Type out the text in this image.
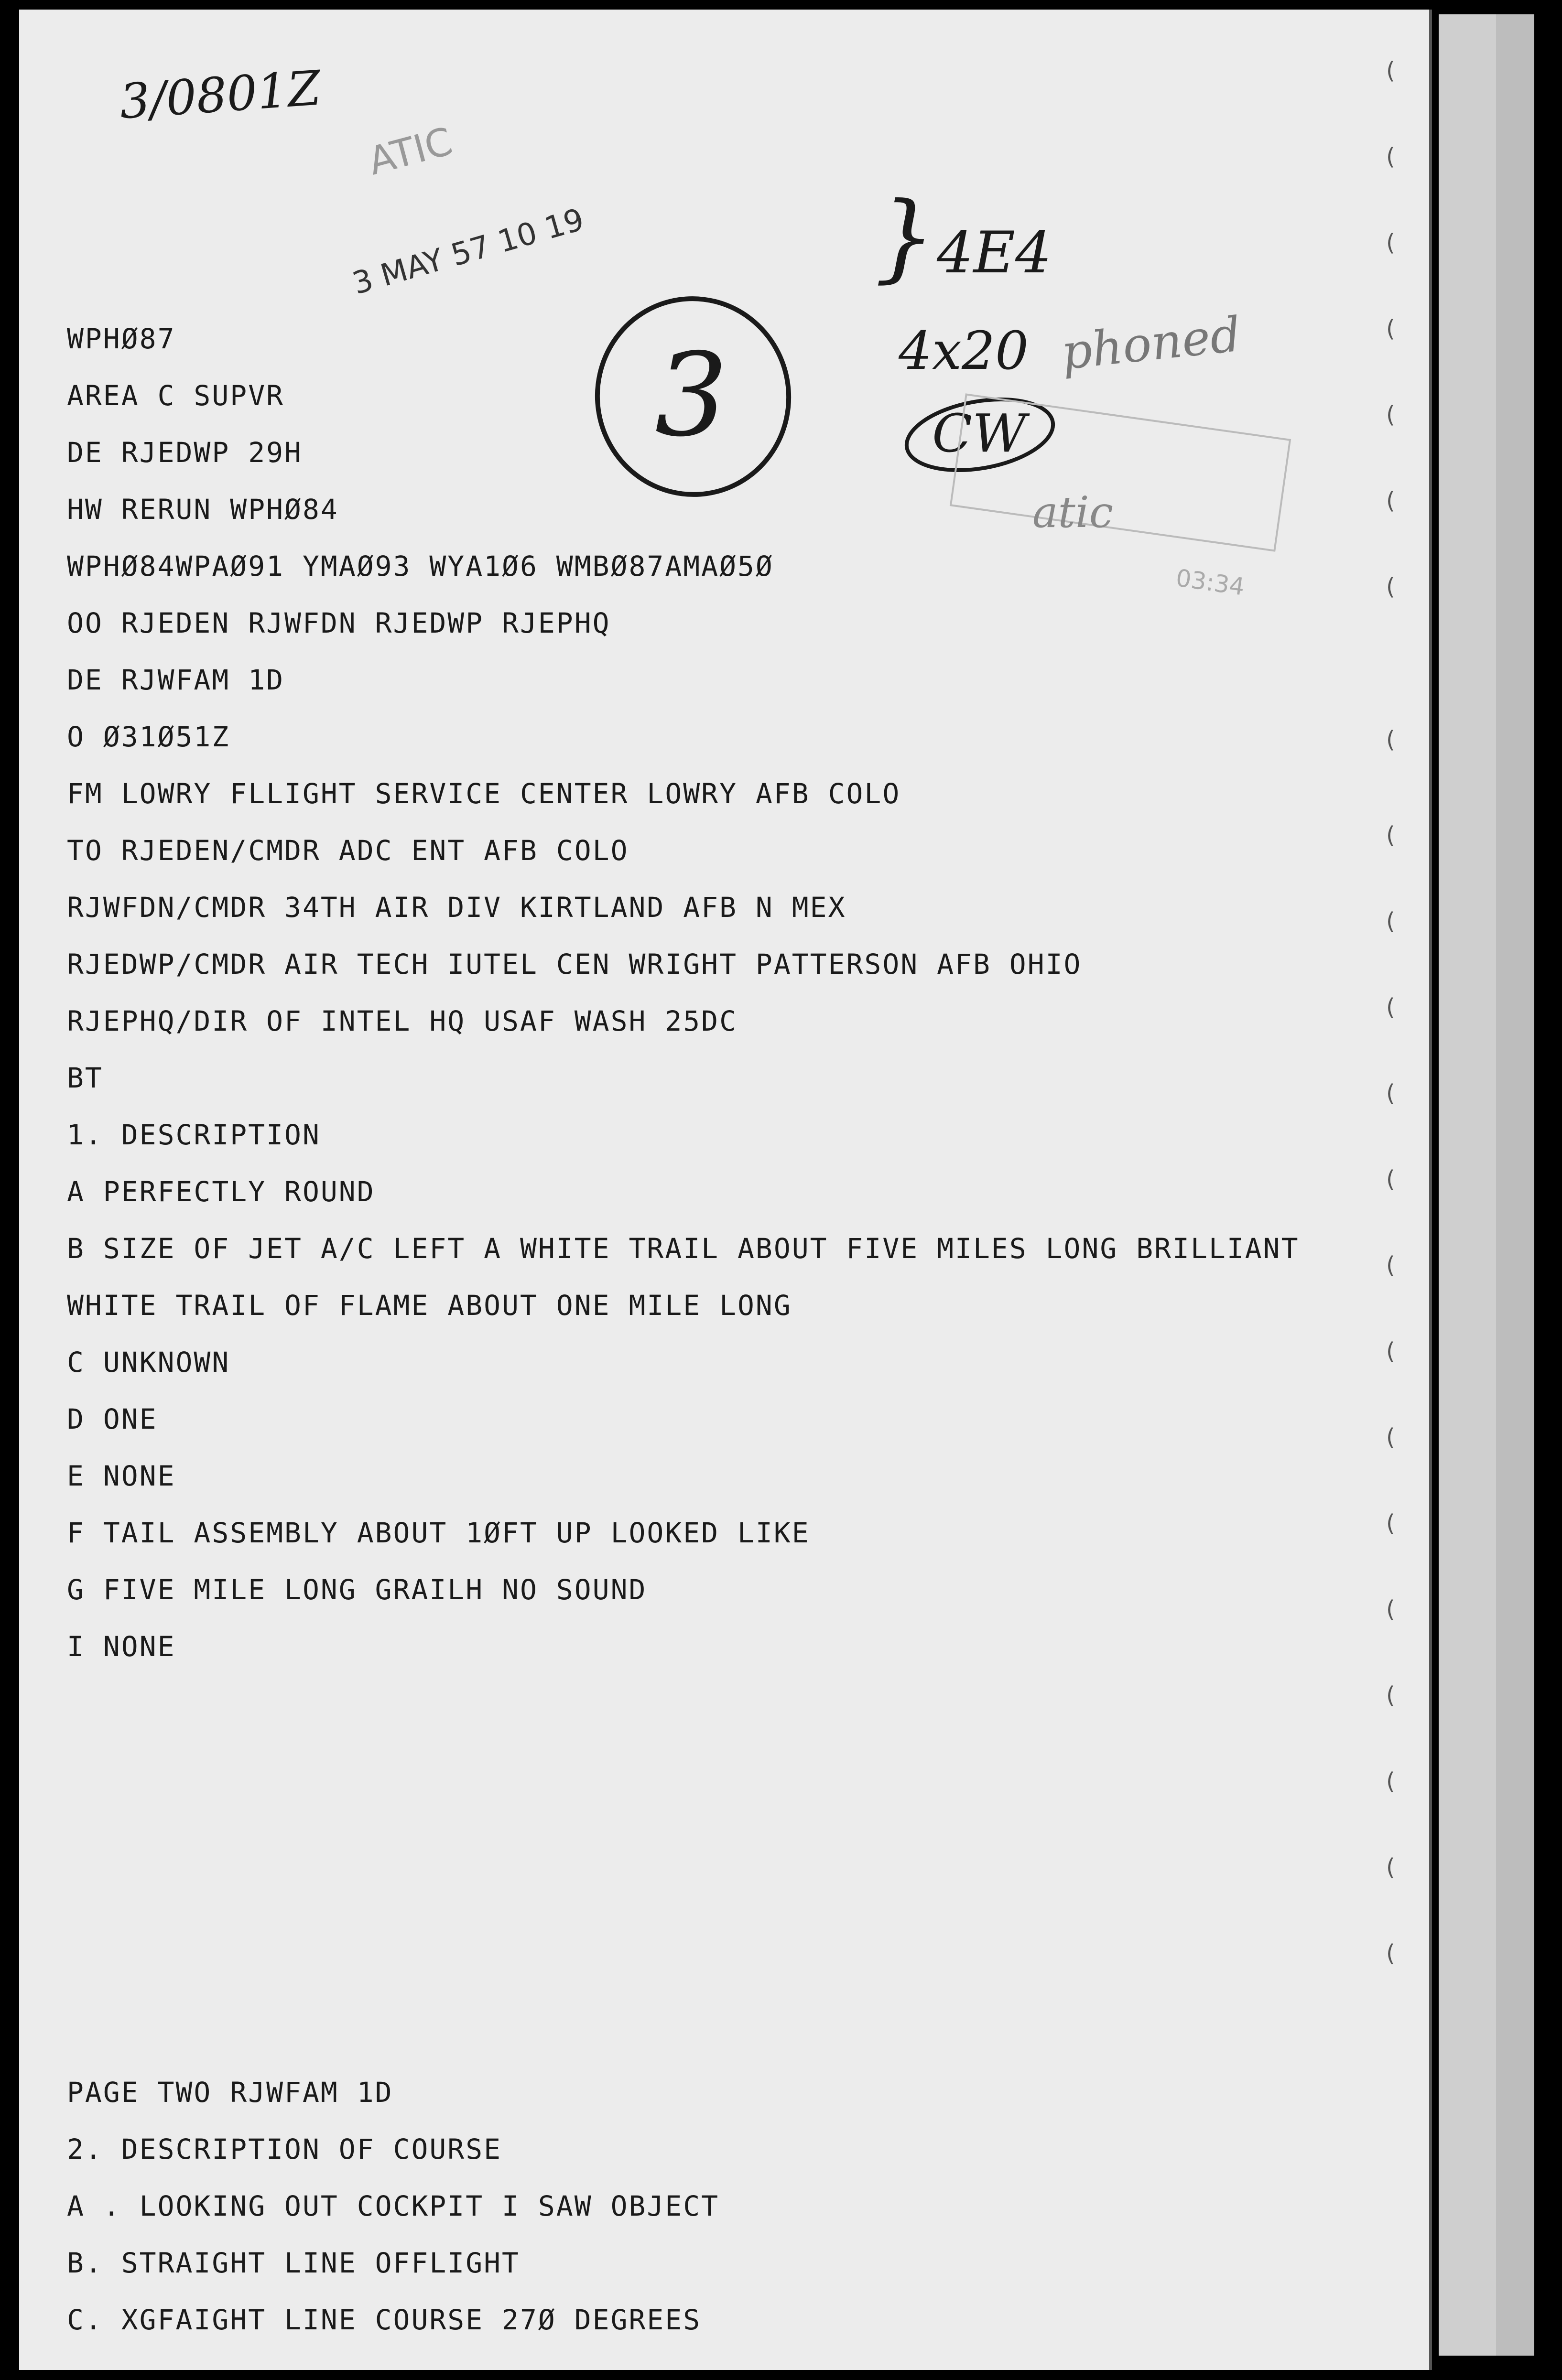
(
(
(
(
(
(
(
(
(
(
(
(
(
(
(
(
(
(
(
(
(
(
3/0801Z
ATIC
3 MAY 57 10 19
3
4E4
}
4x20 phoned
CW
atic
03:34
WPHØ87
AREA C SUPVR
DE RJEDWP 29H
HW RERUN WPHØ84
WPHØ84WPAØ91 YMAØ93 WYA1Ø6 WMBØ87AMAØ5Ø
OO RJEDEN RJWFDN RJEDWP RJEPHQ
DE RJWFAM 1D
O Ø31Ø51Z
FM LOWRY FLLIGHT SERVICE CENTER LOWRY AFB COLO
TO RJEDEN/CMDR ADC ENT AFB COLO
RJWFDN/CMDR 34TH AIR DIV KIRTLAND AFB N MEX
RJEDWP/CMDR AIR TECH IUTEL CEN WRIGHT PATTERSON AFB OHIO
RJEPHQ/DIR OF INTEL HQ USAF WASH 25DC
BT
1. DESCRIPTION
A PERFECTLY ROUND
B SIZE OF JET A/C LEFT A WHITE TRAIL ABOUT FIVE MILES LONG BRILLIANT
WHITE TRAIL OF FLAME ABOUT ONE MILE LONG
C UNKNOWN
D ONE
E NONE
F TAIL ASSEMBLY ABOUT 1ØFT UP LOOKED LIKE
G FIVE MILE LONG GRAILH NO SOUND
I NONE
PAGE TWO RJWFAM 1D
2. DESCRIPTION OF COURSE
A . LOOKING OUT COCKPIT I SAW OBJECT
B. STRAIGHT LINE OFFLIGHT
C. XGFAIGHT LINE COURSE 27Ø DEGREES
